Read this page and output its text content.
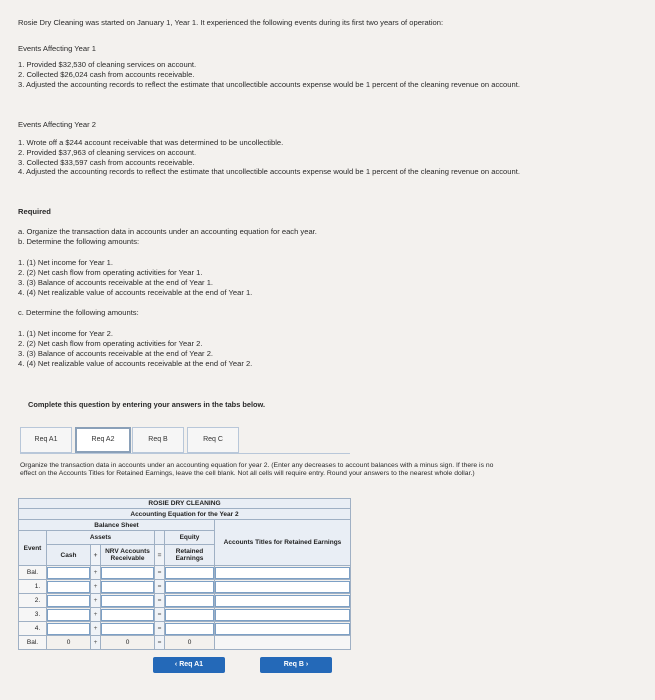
Rosie Dry Cleaning was started on January 1, Year 1. It experienced the following events during its first two years of operation:
Events Affecting Year 1
1. Provided $32,530 of cleaning services on account.
2. Collected $26,024 cash from accounts receivable.
3. Adjusted the accounting records to reflect the estimate that uncollectible accounts expense would be 1 percent of the cleaning revenue on account.
Events Affecting Year 2
1. Wrote off a $244 account receivable that was determined to be uncollectible.
2. Provided $37,963 of cleaning services on account.
3. Collected $33,597 cash from accounts receivable.
4. Adjusted the accounting records to reflect the estimate that uncollectible accounts expense would be 1 percent of the cleaning revenue on account.
Required
a. Organize the transaction data in accounts under an accounting equation for each year.
b. Determine the following amounts:
1. (1) Net income for Year 1.
2. (2) Net cash flow from operating activities for Year 1.
3. (3) Balance of accounts receivable at the end of Year 1.
4. (4) Net realizable value of accounts receivable at the end of Year 1.
c. Determine the following amounts:
1. (1) Net income for Year 2.
2. (2) Net cash flow from operating activities for Year 2.
3. (3) Balance of accounts receivable at the end of Year 2.
4. (4) Net realizable value of accounts receivable at the end of Year 2.
Complete this question by entering your answers in the tabs below.
Req A1	Req A2	Req B	Req C
Organize the transaction data in accounts under an accounting equation for year 2. (Enter any decreases to account balances with a minus sign. If there is no effect on the Accounts Titles for Retained Earnings, leave the cell blank. Not all cells will require entry. Round your answers to the nearest whole dollar.)
ROSIE DRY CLEANING						
Accounting Equation for the Year 2						
Balance Sheet						Accounts Titles for Retained Earnings
Event	Assets				Equity	
	Cash	+	NRV Accounts Receivable	=	Retained Earnings	
Bal.		+		=	

1.		+		=	

2.		+		=	

3.		+		=	

4.		+		=	

Bal.	0	+	0	=	0	
‹ Req A1	Req B ›
